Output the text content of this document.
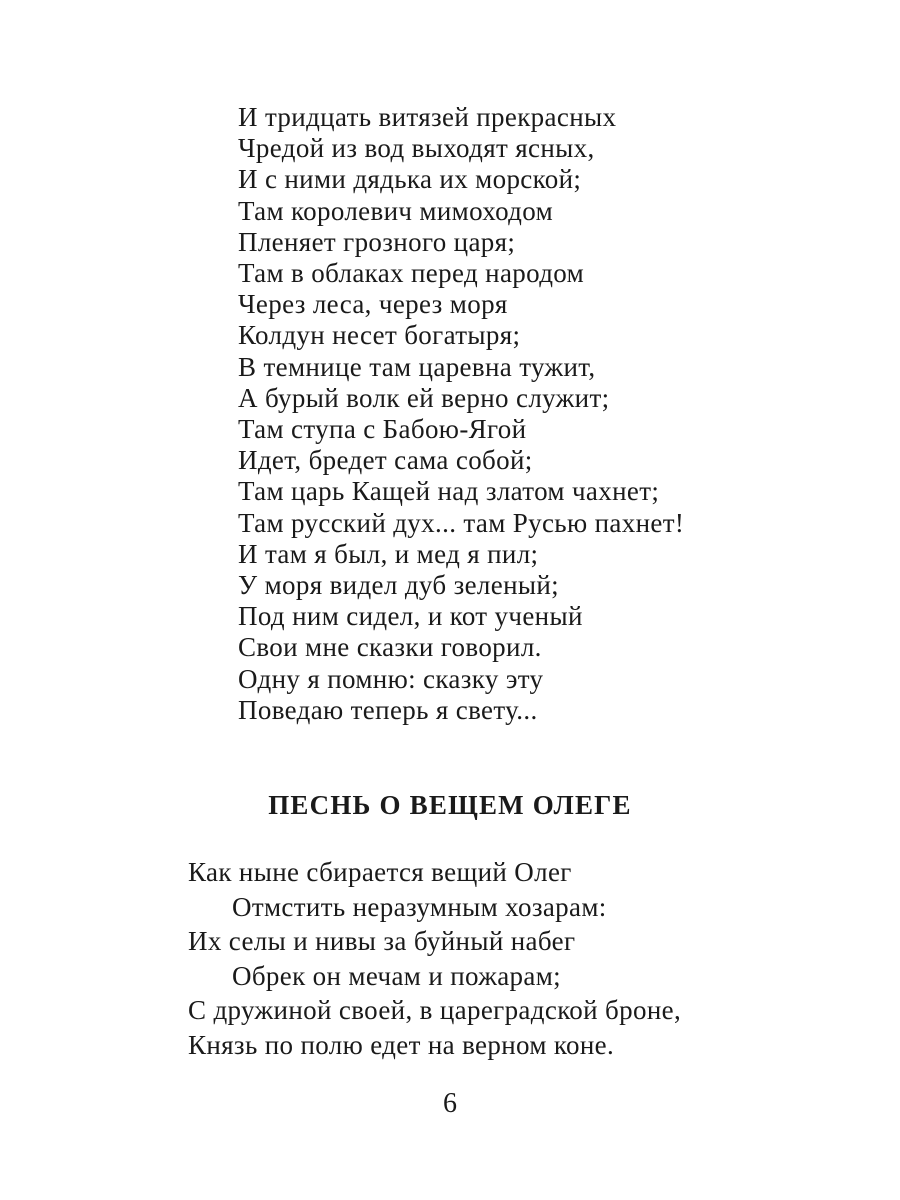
И тридцать витязей прекрасных
Чредой из вод выходят ясных,
И с ними дядька их морской;
Там королевич мимоходом
Пленяет грозного царя;
Там в облаках перед народом
Через леса, через моря
Колдун несет богатыря;
В темнице там царевна тужит,
А бурый волк ей верно служит;
Там ступа с Бабою-Ягой
Идет, бредет сама собой;
Там царь Кащей над златом чахнет;
Там русский дух... там Русью пахнет!
И там я был, и мед я пил;
У моря видел дуб зеленый;
Под ним сидел, и кот ученый
Свои мне сказки говорил.
Одну я помню: сказку эту
Поведаю теперь я свету...
ПЕСНЬ О ВЕЩЕМ ОЛЕГЕ
Как ныне сбирается вещий Олег
Отмстить неразумным хозарам:
Их селы и нивы за буйный набег
Обрек он мечам и пожарам;
С дружиной своей, в цареградской броне,
Князь по полю едет на верном коне.
6
